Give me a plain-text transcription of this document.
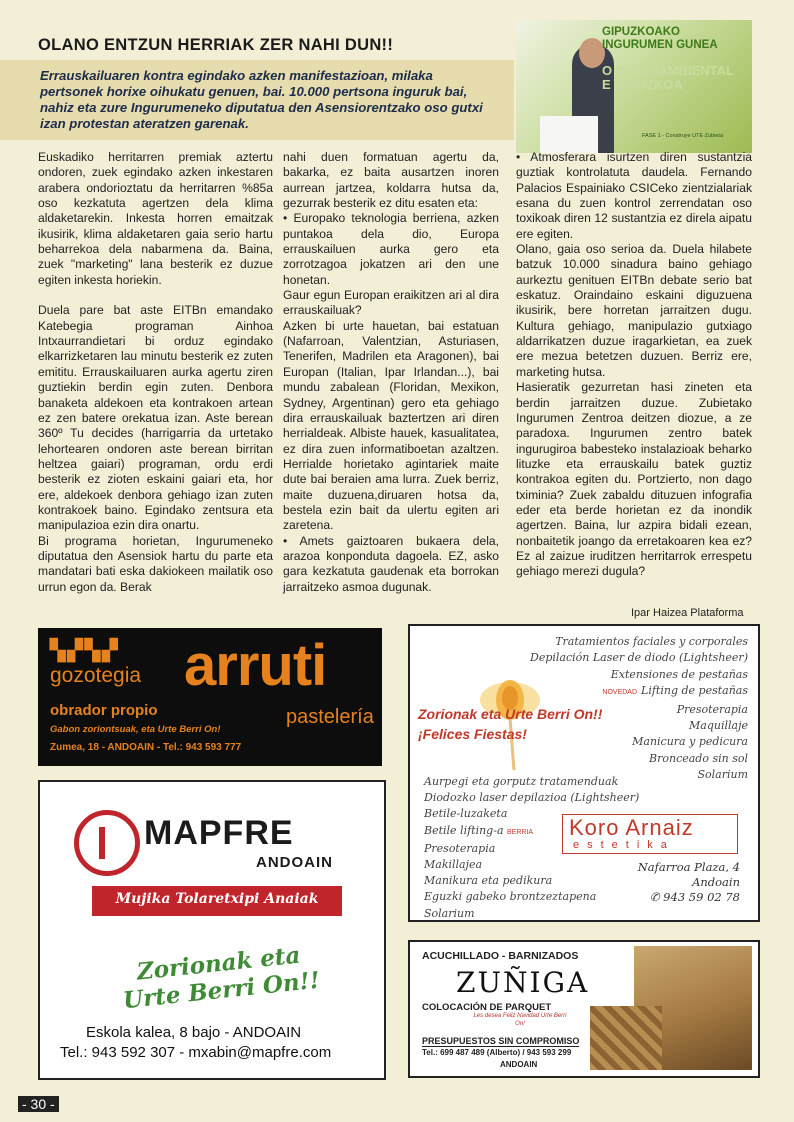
OLANO ENTZUN HERRIAK ZER NAHI DUN!!

Errauskailuaren kontra egindako azken manifestazioan, milaka pertsonek horixe oihukatu genuen, bai. 10.000 pertsona inguruk bai, nahiz eta zure Ingurumeneko diputatua den Asensiorentzako oso gutxi izan protestan ateratzen garenak.

GIPUZKOAKO
INGURUMEN GUNEA
O MEDIOAMBIENTAL
E GIPUZKOA
FASE 1 - Construye UTE Zubieta

Euskadiko herritarren premiak aztertu ondoren, zuek egindako azken inkestaren arabera ondorioztatu da herritarren %85a oso kezkatuta agertzen dela klima aldaketarekin. Inkesta horren emaitzak ikusirik, klima aldaketaren gaia serio hartu beharrekoa dela nabarmena da. Baina, zuek "marketing" lana besterik ez duzue egiten inkesta horiekin.

Duela pare bat aste EITBn emandako Katebegia programan Ainhoa Intxaurrandietari bi orduz egindako elkarrizketaren lau minutu besterik ez zuten emititu. Errauskailuaren aurka agertu ziren guztiekin berdin egin zuten. Denbora banaketa aldekoen eta kontrakoen artean ez zen batere orekatua izan. Aste berean 360º Tu decides (harrigarria da urtetako lehortearen ondoren aste berean birritan heltzea gaiari) programan, ordu erdi besterik ez zioten eskaini gaiari eta, hor ere, aldekoek denbora gehiago izan zuten kontrakoek baino. Egindako zentsura eta manipulazioa ezin dira onartu.
Bi programa horietan, Ingurumeneko diputatua den Asensiok hartu du parte eta mandatari bati eska dakiokeen mailatik oso urrun egon da. Berak

nahi duen formatuan agertu da, bakarka, ez baita ausartzen inoren aurrean jartzea, koldarra hutsa da, gezurrak besterik ez ditu esaten eta:
• Europako teknologia berriena, azken puntakoa dela dio, Europa errauskailuen aurka gero eta zorrotzagoa jokatzen ari den une honetan.
Gaur egun Europan eraikitzen ari al dira errauskailuak?
Azken bi urte hauetan, bai estatuan (Nafarroan, Valentzian, Asturiasen, Tenerifen, Madrilen eta Aragonen), bai Europan (Italian, Ipar Irlandan...), bai mundu zabalean (Floridan, Mexikon, Sydney, Argentinan) gero eta gehiago dira errauskailuak baztertzen ari diren herrialdeak. Albiste hauek, kasualitatea, ez dira zuen informatiboetan azaltzen. Herrialde horietako agintariek maite dute bai beraien ama lurra. Zuek berriz, maite duzuena,diruaren hotsa da, bestela ezin bait da ulertu egiten ari zaretena.
• Amets gaiztoaren bukaera dela, arazoa konponduta dagoela. EZ, asko gara kezkatuta gaudenak eta borrokan jarraitzeko asmoa dugunak.

• Atmosferara isurtzen diren sustantzia guztiak kontrolatuta daudela. Fernando Palacios Espainiako CSICeko zientzialariak esana du zuen kontrol zerrendatan oso toxikoak diren 12 sustantzia ez direla aipatu ere egiten.
Olano, gaia oso serioa da. Duela hilabete batzuk 10.000 sinadura baino gehiago aurkeztu genituen EITBn debate serio bat eskatuz. Oraindaino eskaini diguzuena ikusirik, bere horretan jarraitzen dugu. Kultura gehiago, manipulazio gutxiago aldarrikatzen duzue iragarkietan, ea zuek ere mezua betetzen duzuen. Berriz ere, marketing hutsa.
Hasieratik gezurretan hasi zineten eta berdin jarraitzen duzue. Zubietako Ingurumen Zentroa deitzen diozue, a ze paradoxa. Ingurumen zentro batek ingurugiroa babesteko instalazioak beharko lituzke eta errauskailu batek guztiz kontrakoa egiten du. Portzierto, non dago tximinia? Zuek zabaldu dituzuen infografia eder eta berde horietan ez da inondik agertzen. Baina, lur azpira bidali ezean, nonbaitetik joango da erretakoaren kea ez? Ez al zaizue iruditzen herritarrok errespetu gehiago merezi dugula?

Ipar Haizea Plataforma
▚▞▚▞
gozotegia arruti
pastelería
obrador propio
Gabon zoriontsuak, eta Urte Berri On!
Zumea, 18 - ANDOAIN - Tel.: 943 593 777
Tratamientos faciales y corporales
Depilación Laser de diodo (Lightsheer)
Extensiones de pestañas
NOVEDAD Lifting de pestañas
Presoterapia
Maquillaje
Manicura y pedicura
Bronceado sin sol
Solarium
Zorionak eta Urte Berri On!!
¡Felices Fiestas!
Aurpegi eta gorputz tratamenduak
Diodozko laser depilazioa (Lightsheer)
Betile-luzaketa
Betile lifting-a BERRIA
Presoterapia
Makillajea
Manikura eta pedikura
Eguzki gabeko brontzeztapena
Solarium
Koro Arnaiz
estetika
Nafarroa Plaza, 4
Andoain
✆ 943 59 02 78
MAPFRE
ANDOAIN
Mujika Tolaretxipi Anaiak
Zorionak eta Urte Berri On!!
Eskola kalea, 8 bajo - ANDOAIN
Tel.: 943 592 307 - mxabin@mapfre.com
ACUCHILLADO - BARNIZADOS
ZUÑIGA
COLOCACIÓN DE PARQUET
Les desea Feliz Navidad Urte Berri On!
PRESUPUESTOS SIN COMPROMISO
Tel.: 699 487 489 (Alberto) / 943 593 299
ANDOAIN
- 30 -
